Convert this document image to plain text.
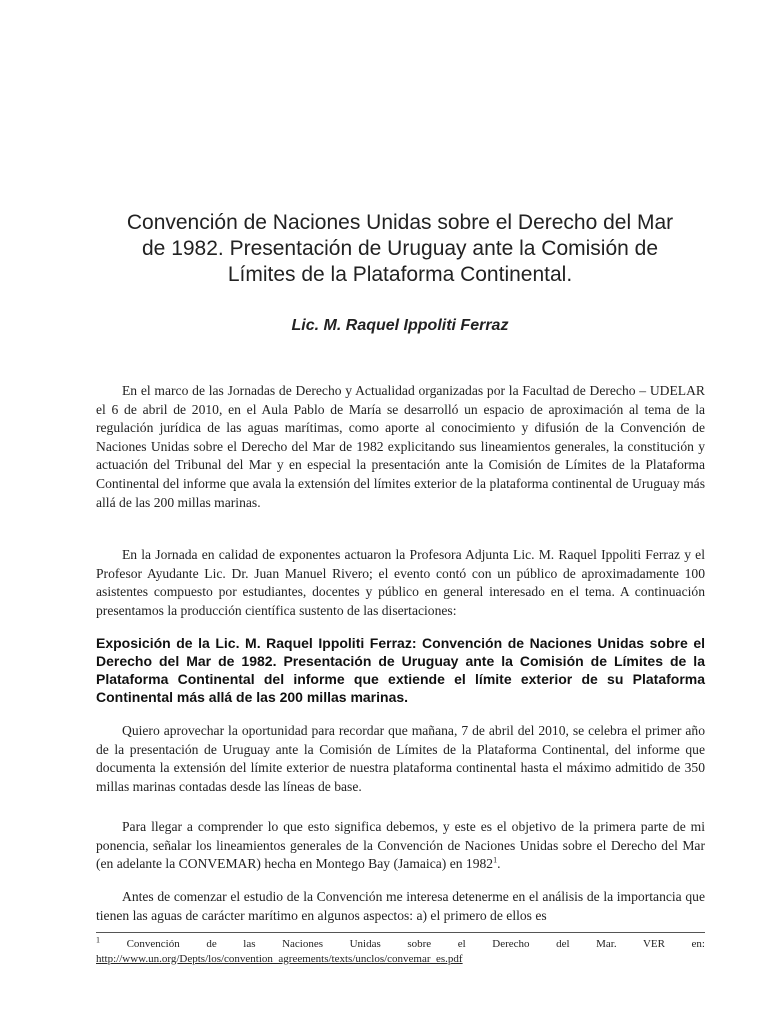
Convención de Naciones Unidas sobre el Derecho del Mar
de 1982. Presentación de Uruguay ante la Comisión de
Límites de la Plataforma Continental.

Lic. M. Raquel Ippoliti Ferraz

En el marco de las Jornadas de Derecho y Actualidad organizadas por la Facultad de Derecho – UDELAR el 6 de abril de 2010, en el Aula Pablo de María se desarrolló un espacio de aproximación al tema de la regulación jurídica de las aguas marítimas, como aporte al conocimiento y difusión de la Convención de Naciones Unidas sobre el Derecho del Mar de 1982 explicitando sus lineamientos generales, la constitución y actuación del Tribunal del Mar y en especial la presentación ante la Comisión de Límites de la Plataforma Continental del informe que avala la extensión del límites exterior de la plataforma continental de Uruguay más allá de las 200 millas marinas.

En la Jornada en calidad de exponentes actuaron la Profesora Adjunta Lic. M. Raquel Ippoliti Ferraz y el Profesor Ayudante Lic. Dr. Juan Manuel Rivero; el evento contó con un público de aproximadamente 100 asistentes compuesto por estudiantes, docentes y público en general interesado en el tema. A continuación presentamos la producción científica sustento de las disertaciones:

Exposición de la Lic. M. Raquel Ippoliti Ferraz: Convención de Naciones Unidas sobre el Derecho del Mar de 1982. Presentación de Uruguay ante la Comisión de Límites de la Plataforma Continental del informe que extiende el límite exterior de su Plataforma Continental más allá de las 200 millas marinas.

Quiero aprovechar la oportunidad para recordar que mañana, 7 de abril del 2010, se celebra el primer año de la presentación de Uruguay ante la Comisión de Límites de la Plataforma Continental, del informe que documenta la extensión del límite exterior de nuestra plataforma continental hasta el máximo admitido de 350 millas marinas contadas desde las líneas de base.

Para llegar a comprender lo que esto significa debemos, y este es el objetivo de la primera parte de mi ponencia, señalar los lineamientos generales de la Convención de Naciones Unidas sobre el Derecho del Mar (en adelante la CONVEMAR) hecha en Montego Bay (Jamaica) en 1982$^1$.

Antes de comenzar el estudio de la Convención me interesa detenerme en el análisis de la importancia que tienen las aguas de carácter marítimo en algunos aspectos: a) el primero de ellos es

$^1$ Convención de las Naciones Unidas sobre el Derecho del Mar. VER en: http://www.un.org/Depts/los/convention_agreements/texts/unclos/convemar_es.pdf
